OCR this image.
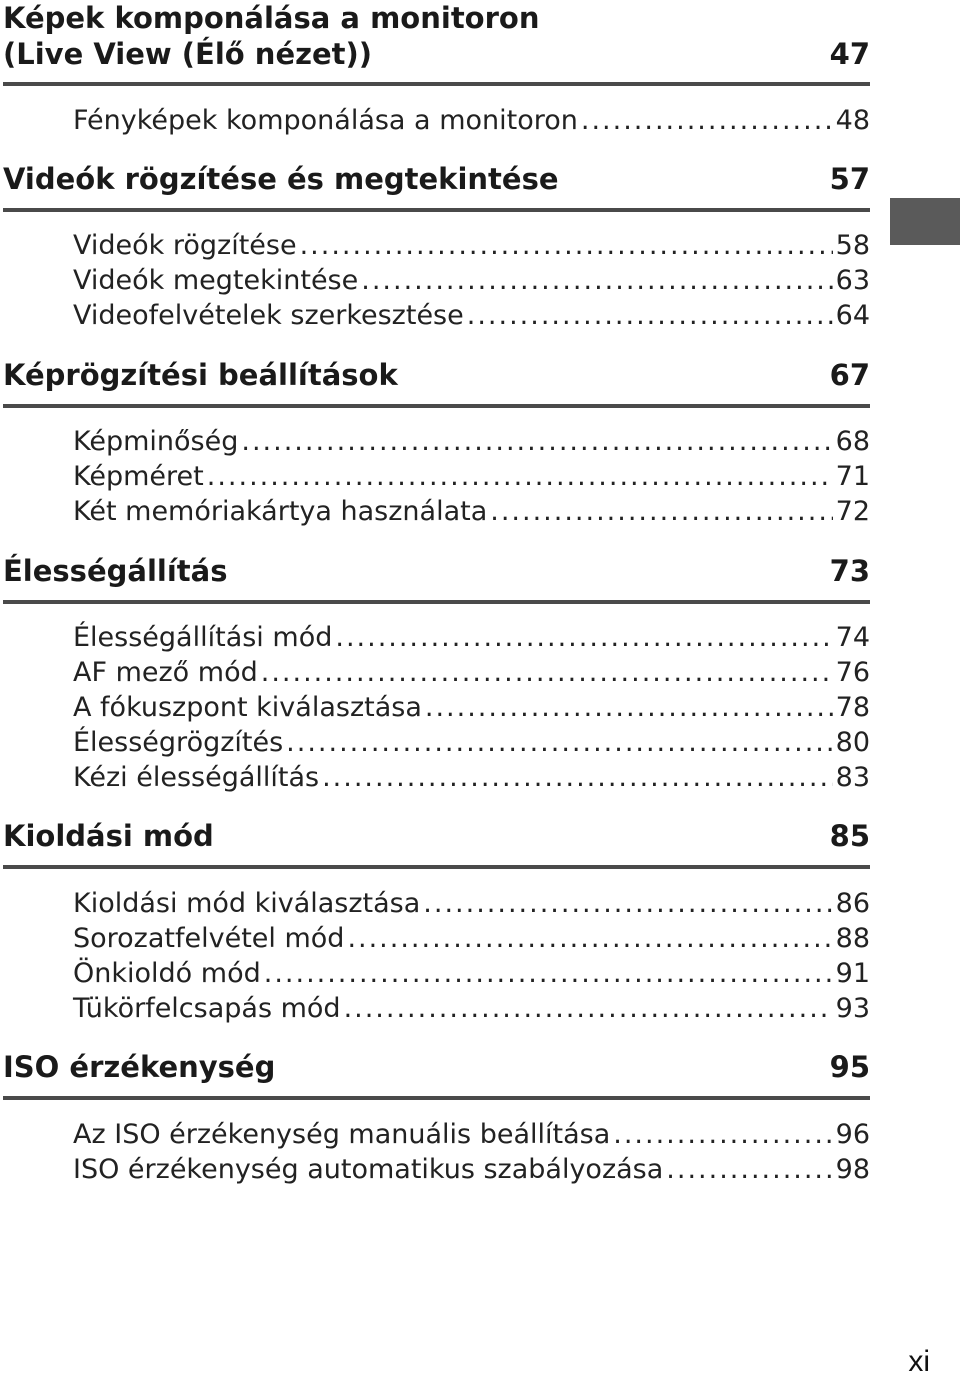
Képek komponálása a monitoron
(Live View (Élő nézet))	47
Fényképek komponálása a monitoron .....	48
Videók rögzítése és megtekintése	57
Videók rögzítése .....	58
Videók megtekintése .....	63
Videofelvételek szerkesztése .....	64
Képrögzítési beállítások	67
Képminőség .....	68
Képméret .....	71
Két memóriakártya használata .....	72
Élességállítás	73
Élességállítási mód .....	74
AF mező mód .....	76
A fókuszpont kiválasztása .....	78
Élességrögzítés .....	80
Kézi élességállítás .....	83
Kioldási mód	85
Kioldási mód kiválasztása .....	86
Sorozatfelvétel mód .....	88
Önkioldó mód .....	91
Tükörfelcsapás mód .....	93
ISO érzékenység	95
Az ISO érzékenység manuális beállítása .....	96
ISO érzékenység automatikus szabályozása .....	98
xi
